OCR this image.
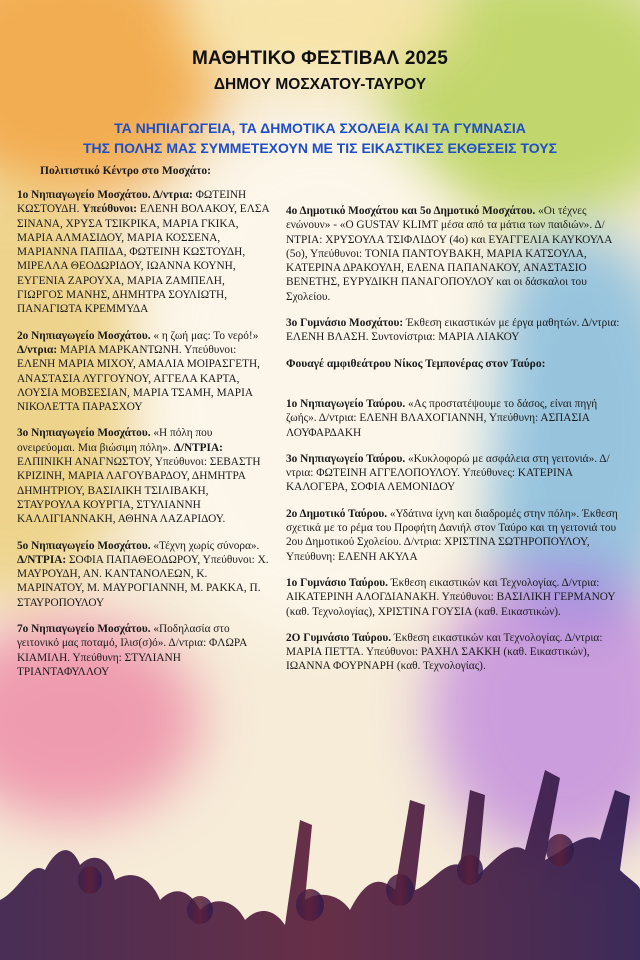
ΜΑΘΗΤΙΚΟ ΦΕΣΤΙΒΑΛ 2025
ΔΗΜΟΥ ΜΟΣΧΑΤΟΥ-ΤΑΥΡΟΥ
ΤΑ ΝΗΠΙΑΓΩΓΕΙΑ, ΤΑ ΔΗΜΟΤΙΚΑ ΣΧΟΛΕΙΑ ΚΑΙ ΤΑ ΓΥΜΝΑΣΙΑ
ΤΗΣ ΠΟΛΗΣ ΜΑΣ ΣΥΜΜΕΤΕΧΟΥΝ ΜΕ ΤΙΣ ΕΙΚΑΣΤΙΚΕΣ ΕΚΘΕΣΕΙΣ ΤΟΥΣ
Πολιτιστικό Κέντρο στο Μοσχάτο:
1ο Νηπιαγωγείο Μοσχάτου. Δ/ντρια: ΦΩΤΕΙΝΗ ΚΩΣΤΟΥΔΗ. Υπεύθυνοι: ΕΛΕΝΗ ΒΟΛΑΚΟΥ, ΕΛΣΑ ΣΙΝΑΝΑ, ΧΡΥΣΑ ΤΣΙΚΡΙΚΑ, ΜΑΡΙΑ ΓΚΙΚΑ, ΜΑΡΙΑ ΑΛΜΑΣΙΔΟΥ, ΜΑΡΙΑ ΚΟΣΣΕΝΑ, ΜΑΡΙΑΝΝΑ ΠΑΠΙΔΑ, ΦΩΤΕΙΝΗ ΚΩΣΤΟΥΔΗ, ΜΙΡΕΛΛΑ ΘΕΟΔΩΡΙΔΟΥ, ΙΩΑΝΝΑ ΚΟΥΝΗ, ΕΥΓΕΝΙΑ ΖΑΡΟΥΧΑ, ΜΑΡΙΑ ΖΑΜΠΕΛΗ, ΓΙΩΡΓΟΣ ΜΑΝΗΣ, ΔΗΜΗΤΡΑ ΣΟΥΛΙΩΤΗ, ΠΑΝΑΓΙΩΤΑ ΚΡΕΜΜΥΔΑ
2ο Νηπιαγωγείο Μοσχάτου. « η ζωή μας: Το νερό!» Δ/ντρια: ΜΑΡΙΑ ΜΑΡΚΑΝΤΩΝΗ. Υπεύθυνοι: ΕΛΕΝΗ ΜΑΡΙΑ ΜΙΧΟΥ, ΑΜΑΛΙΑ ΜΟΙΡΑΣΓΕΤΗ, ΑΝΑΣΤΑΣΙΑ ΛΥΓΓΟΥΝΟΥ, ΑΓΓΕΛΑ ΚΑΡΤΑ, ΛΟΥΣΙΑ ΜΟΒΣΕΣΙΑΝ, ΜΑΡΙΑ ΤΣΑΜΗ, ΜΑΡΙΑ ΝΙΚΟΛΕΤΤΑ ΠΑΡΑΣΧΟΥ
3ο Νηπιαγωγείο Μοσχάτου. «Η πόλη που ονειρεύομαι. Μια βιώσιμη πόλη». Δ/ΝΤΡΙΑ: ΕΛΠΙΝΙΚΗ ΑΝΑΓΝΩΣΤΟΥ, Υπεύθυνοι: ΣΕΒΑΣΤΗ ΚΡΙΖΙΝΗ, ΜΑΡΙΑ ΛΑΓΟΥΒΑΡΔΟΥ, ΔΗΜΗΤΡΑ ΔΗΜΗΤΡΙΟΥ, ΒΑΣΙΛΙΚΗ ΤΣΙΛΙΒΑΚΗ, ΣΤΑΥΡΟΥΛΑ ΚΟΥΡΓΙΑ, ΣΤΥΛΙΑΝΝΗ ΚΑΛΛΙΓΙΑΝΝΑΚΗ, ΑΘΗΝΑ ΛΑΖΑΡΙΔΟΥ.
5ο Νηπιαγωγείο Μοσχάτου. «Τέχνη χωρίς σύνορα». Δ/ΝΤΡΙΑ: ΣΟΦΙΑ ΠΑΠΑΘΕΟΔΩΡΟΥ, Υπεύθυνοι: Χ. ΜΑΥΡΟΥΔΗ, ΑΝ. ΚΑΝΤΑΝΟΛΕΩΝ, Κ. ΜΑΡΙΝΑΤΟΥ, Μ. ΜΑΥΡΟΓΙΑΝΝΗ, Μ. ΡΑΚΚΑ, Π. ΣΤΑΥΡΟΠΟΥΛΟΥ
7ο Νηπιαγωγείο Μοσχάτου. «Ποδηλασία στο γειτονικό μας ποταμό, Ιλισ(σ)ό». Δ/ντρια: ΦΛΩΡΑ ΚΙΑΜΙΛΗ. Υπεύθυνη: ΣΤΥΛΙΑΝΗ ΤΡΙΑΝΤΑΦΥΛΛΟΥ
4ο Δημοτικό Μοσχάτου και 5ο Δημοτικό Μοσχάτου. «Οι τέχνες ενώνουν» - «Ο GUSTAV KLIMT μέσα από τα μάτια των παιδιών». Δ/ΝΤΡΙΑ: ΧΡΥΣΟΥΛΑ ΤΣΙΦΛΙΔΟΥ (4ο) και ΕΥΑΓΓΕΛΙΑ ΚΑΥΚΟΥΛΑ (5ο), Υπεύθυνοι: ΤΟΝΙΑ ΠΑΝΤΟΥΒΑΚΗ, ΜΑΡΙΑ ΚΑΤΣΟΥΛΑ, ΚΑΤΕΡΙΝΑ ΔΡΑΚΟΥΛΗ, ΕΛΕΝΑ ΠΑΠΑΝΑΚΟΥ, ΑΝΑΣΤΑΣΙΟ ΒΕΝΕΤΗΣ, ΕΥΡΥΔΙΚΗ ΠΑΝΑΓΟΠΟΥΛΟΥ και οι δάσκαλοι του Σχολείου.
3ο Γυμνάσιο Μοσχάτου: Έκθεση εικαστικών με έργα μαθητών. Δ/ντρια: ΕΛΕΝΗ ΒΛΑΣΗ. Συντονίστρια: ΜΑΡΙΑ ΛΙΑΚΟΥ
Φουαγέ αμφιθεάτρου Νίκος Τεμπονέρας στον Ταύρο:
1ο Νηπιαγωγείο Ταύρου. «Ας προστατέψουμε το δάσος, είναι πηγή ζωής». Δ/ντρια: ΕΛΕΝΗ ΒΛΑΧΟΓΙΑΝΝΗ, Υπεύθυνη: ΑΣΠΑΣΙΑ ΛΟΥΦΑΡΔΑΚΗ
3ο Νηπιαγωγείο Ταύρου. «Κυκλοφορώ με ασφάλεια στη γειτονιά». Δ/ντρια: ΦΩΤΕΙΝΗ ΑΓΓΕΛΟΠΟΥΛΟΥ. Υπεύθυνες: ΚΑΤΕΡΙΝΑ ΚΑΛΟΓΕΡΑ, ΣΟΦΙΑ ΛΕΜΟΝΙΔΟΥ
2ο Δημοτικό Ταύρου. «Υδάτινα ίχνη και διαδρομές στην πόλη». Έκθεση σχετικά με το ρέμα του Προφήτη Δανιήλ στον Ταύρο και τη γειτονιά του 2ου Δημοτικού Σχολείου. Δ/ντρια: ΧΡΙΣΤΙΝΑ ΣΩΤΗΡΟΠΟΥΛΟΥ, Υπεύθυνη: ΕΛΕΝΗ ΑΚΥΛΑ
1ο Γυμνάσιο Ταύρου. Έκθεση εικαστικών και Τεχνολογίας. Δ/ντρια: ΑΙΚΑΤΕΡΙΝΗ ΑΛΟΓΔΙΑΝΑΚΗ. Υπεύθυνοι: ΒΑΣΙΛΙΚΗ ΓΕΡΜΑΝΟΥ (καθ. Τεχνολογίας), ΧΡΙΣΤΙΝΑ ΓΟΥΣΙΑ (καθ. Εικαστικών).
2Ο Γυμνάσιο Ταύρου. Έκθεση εικαστικών και Τεχνολογίας. Δ/ντρια: ΜΑΡΙΑ ΠΕΤΤΑ. Υπεύθυνοι: ΡΑΧΗΛ ΣΑΚΚΗ (καθ. Εικαστικών), ΙΩΑΝΝΑ ΦΟΥΡΝΑΡΗ (καθ. Τεχνολογίας).
